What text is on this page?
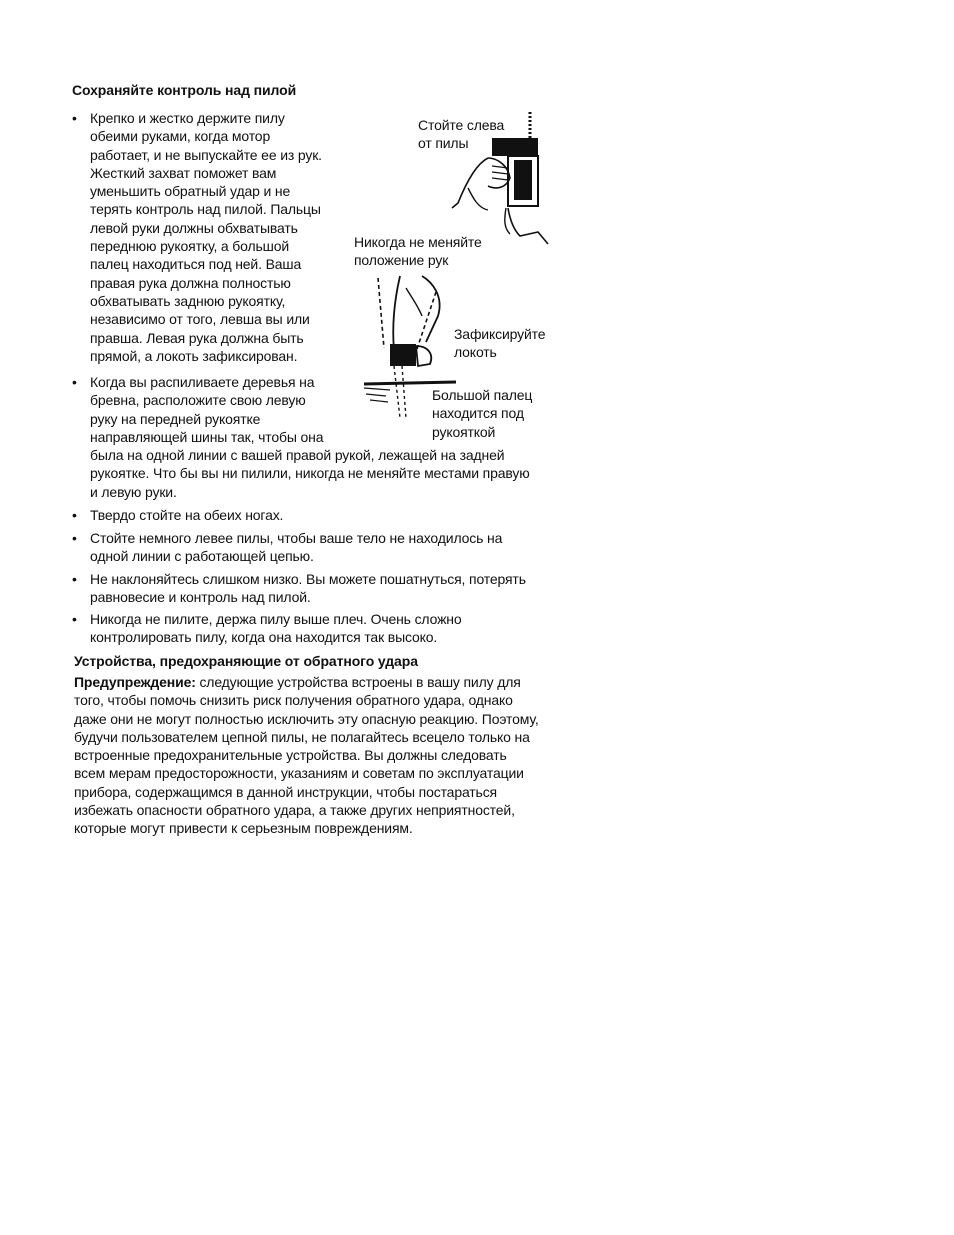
Сохраняйте контроль над пилой
• Крепко и жестко держите пилу
обеими руками, когда мотор
работает, и не выпускайте ее из рук.
Жесткий захват поможет вам
уменьшить обратный удар и не
терять контроль над пилой. Пальцы
левой руки должны обхватывать
переднюю рукоятку, а большой
палец находиться под ней. Ваша
правая рука должна полностью
обхватывать заднюю рукоятку,
независимо от того, левша вы или
правша. Левая рука должна быть
прямой, а локоть зафиксирован.
• Когда вы распиливаете деревья на
бревна, расположите свою левую
руку на передней рукоятке
направляющей шины так, чтобы она
была на одной линии с вашей правой рукой, лежащей на задней
рукоятке. Что бы вы ни пилили, никогда не меняйте местами правую
и левую руки.
• Твердо стойте на обеих ногах.
• Стойте немного левее пилы, чтобы ваше тело не находилось на
одной линии с работающей цепью.
• Не наклоняйтесь слишком низко. Вы можете пошатнуться, потерять
равновесие и контроль над пилой.
• Никогда не пилите, держа пилу выше плеч. Очень сложно
контролировать пилу, когда она находится так высоко.
Стойте слева
от пилы
Никогда не меняйте
положение рук
Зафиксируйте
локоть
Большой палец
находится под
рукояткой
Устройства, предохраняющие от обратного удара
Предупреждение: следующие устройства встроены в вашу пилу для
того, чтобы помочь снизить риск получения обратного удара, однако
даже они не могут полностью исключить эту опасную реакцию. Поэтому,
будучи пользователем цепной пилы, не полагайтесь всецело только на
встроенные предохранительные устройства. Вы должны следовать
всем мерам предосторожности, указаниям и советам по эксплуатации
прибора, содержащимся в данной инструкции, чтобы постараться
избежать опасности обратного удара, а также других неприятностей,
которые могут привести к серьезным повреждениям.
